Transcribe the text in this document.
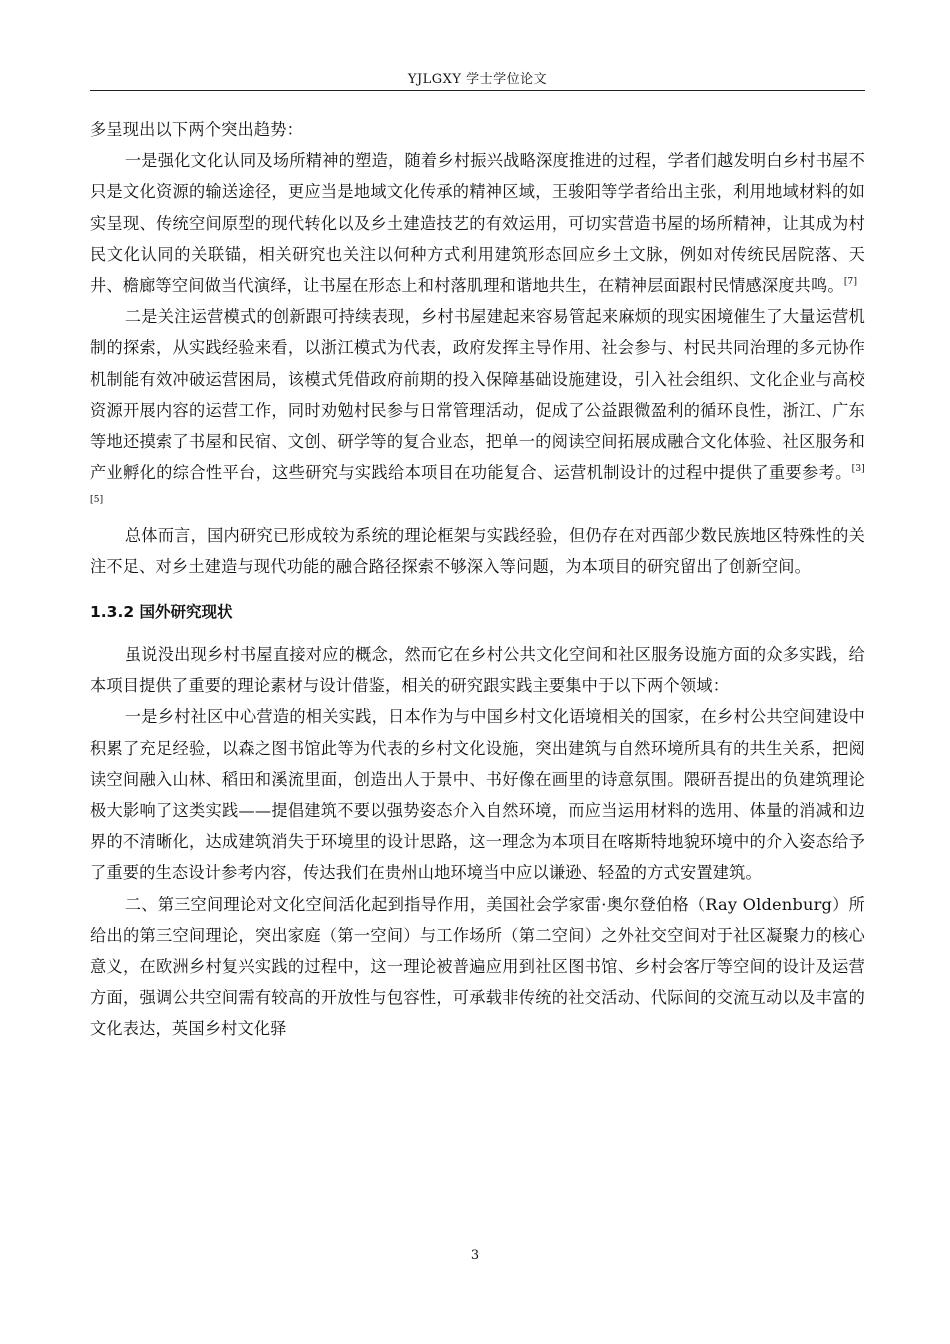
YJLGXY 学士学位论文

多呈现出以下两个突出趋势：

一是强化文化认同及场所精神的塑造，随着乡村振兴战略深度推进的过程，学者们越发明白乡村书屋不只是文化资源的输送途径，更应当是地域文化传承的精神区域，王骏阳等学者给出主张，利用地域材料的如实呈现、传统空间原型的现代转化以及乡土建造技艺的有效运用，可切实营造书屋的场所精神，让其成为村民文化认同的关联锚，相关研究也关注以何种方式利用建筑形态回应乡土文脉，例如对传统民居院落、天井、檐廊等空间做当代演绎，让书屋在形态上和村落肌理和谐地共生，在精神层面跟村民情感深度共鸣。[7]

二是关注运营模式的创新跟可持续表现，乡村书屋建起来容易管起来麻烦的现实困境催生了大量运营机制的探索，从实践经验来看，以浙江模式为代表，政府发挥主导作用、社会参与、村民共同治理的多元协作机制能有效冲破运营困局，该模式凭借政府前期的投入保障基础设施建设，引入社会组织、文化企业与高校资源开展内容的运营工作，同时劝勉村民参与日常管理活动，促成了公益跟微盈利的循环良性，浙江、广东等地还摸索了书屋和民宿、文创、研学等的复合业态，把单一的阅读空间拓展成融合文化体验、社区服务和产业孵化的综合性平台，这些研究与实践给本项目在功能复合、运营机制设计的过程中提供了重要参考。[3][5]

总体而言，国内研究已形成较为系统的理论框架与实践经验，但仍存在对西部少数民族地区特殊性的关注不足、对乡土建造与现代功能的融合路径探索不够深入等问题，为本项目的研究留出了创新空间。

1.3.2 国外研究现状

虽说没出现乡村书屋直接对应的概念，然而它在乡村公共文化空间和社区服务设施方面的众多实践，给本项目提供了重要的理论素材与设计借鉴，相关的研究跟实践主要集中于以下两个领域：

一是乡村社区中心营造的相关实践，日本作为与中国乡村文化语境相关的国家，在乡村公共空间建设中积累了充足经验，以森之图书馆此等为代表的乡村文化设施，突出建筑与自然环境所具有的共生关系，把阅读空间融入山林、稻田和溪流里面，创造出人于景中、书好像在画里的诗意氛围。隈研吾提出的负建筑理论极大影响了这类实践——提倡建筑不要以强势姿态介入自然环境，而应当运用材料的选用、体量的消减和边界的不清晰化，达成建筑消失于环境里的设计思路，这一理念为本项目在喀斯特地貌环境中的介入姿态给予了重要的生态设计参考内容，传达我们在贵州山地环境当中应以谦逊、轻盈的方式安置建筑。

二、第三空间理论对文化空间活化起到指导作用，美国社会学家雷·奥尔登伯格（Ray Oldenburg）所给出的第三空间理论，突出家庭（第一空间）与工作场所（第二空间）之外社交空间对于社区凝聚力的核心意义，在欧洲乡村复兴实践的过程中，这一理论被普遍应用到社区图书馆、乡村会客厅等空间的设计及运营方面，强调公共空间需有较高的开放性与包容性，可承载非传统的社交活动、代际间的交流互动以及丰富的文化表达，英国乡村文化驿

3
